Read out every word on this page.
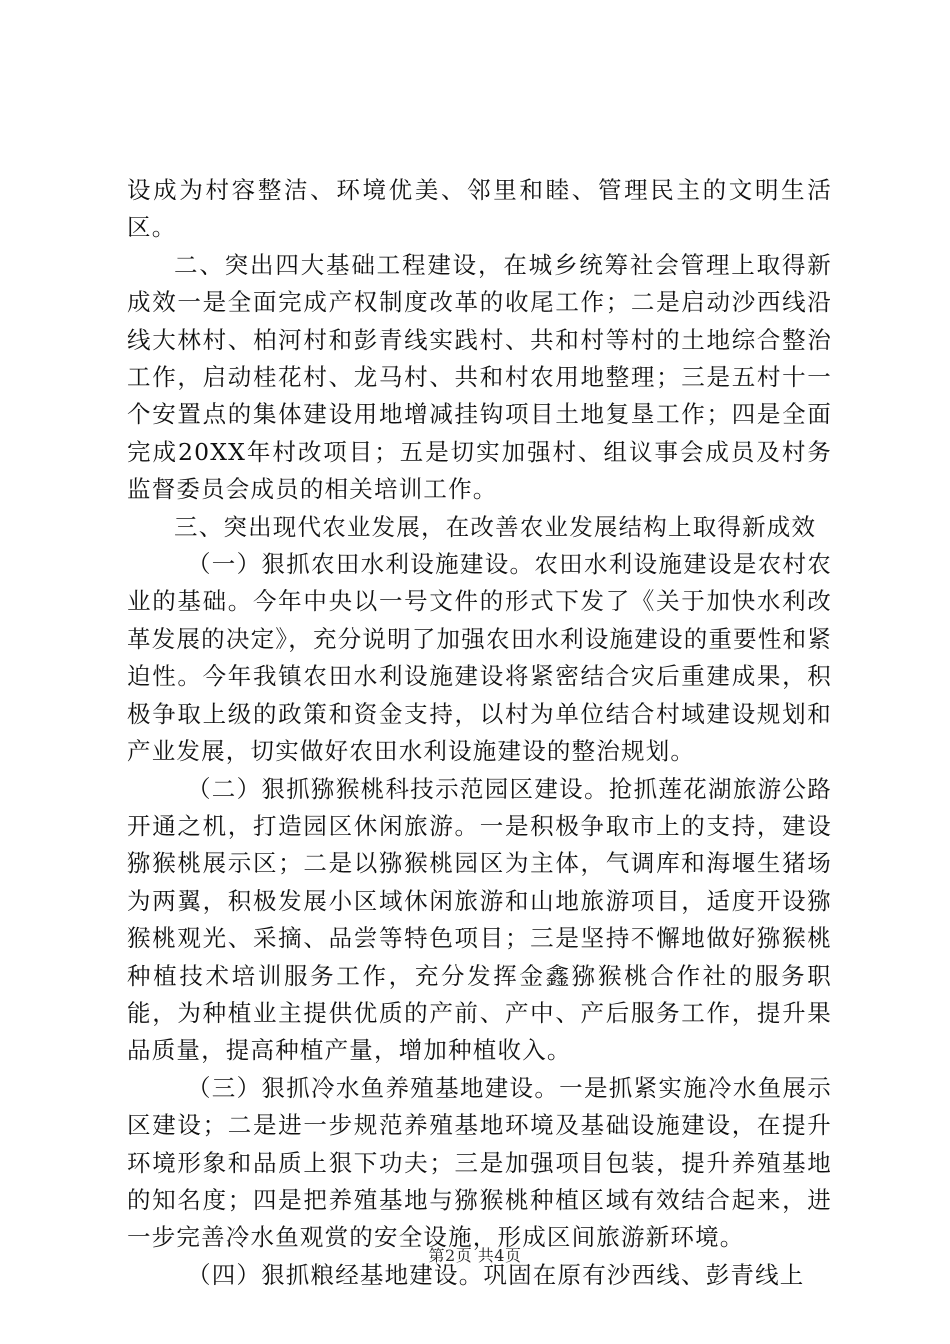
设成为村容整洁、环境优美、邻里和睦、管理民主的文明生活区。

二、突出四大基础工程建设，在城乡统筹社会管理上取得新成效一是全面完成产权制度改革的收尾工作；二是启动沙西线沿线大林村、柏河村和彭青线实践村、共和村等村的土地综合整治工作，启动桂花村、龙马村、共和村农用地整理；三是五村十一个安置点的集体建设用地增减挂钩项目土地复垦工作；四是全面完成20XX年村改项目；五是切实加强村、组议事会成员及村务监督委员会成员的相关培训工作。

三、突出现代农业发展，在改善农业发展结构上取得新成效

（一）狠抓农田水利设施建设。农田水利设施建设是农村农业的基础。今年中央以一号文件的形式下发了《关于加快水利改革发展的决定》，充分说明了加强农田水利设施建设的重要性和紧迫性。今年我镇农田水利设施建设将紧密结合灾后重建成果，积极争取上级的政策和资金支持，以村为单位结合村域建设规划和产业发展，切实做好农田水利设施建设的整治规划。

（二）狠抓猕猴桃科技示范园区建设。抢抓莲花湖旅游公路开通之机，打造园区休闲旅游。一是积极争取市上的支持，建设猕猴桃展示区；二是以猕猴桃园区为主体，气调库和海堰生猪场为两翼，积极发展小区域休闲旅游和山地旅游项目，适度开设猕猴桃观光、采摘、品尝等特色项目；三是坚持不懈地做好猕猴桃种植技术培训服务工作，充分发挥金鑫猕猴桃合作社的服务职能，为种植业主提供优质的产前、产中、产后服务工作，提升果品质量，提高种植产量，增加种植收入。

（三）狠抓冷水鱼养殖基地建设。一是抓紧实施冷水鱼展示区建设；二是进一步规范养殖基地环境及基础设施建设，在提升环境形象和品质上狠下功夫；三是加强项目包装，提升养殖基地的知名度；四是把养殖基地与猕猴桃种植区域有效结合起来，进一步完善冷水鱼观赏的安全设施，形成区间旅游新环境。

（四）狠抓粮经基地建设。巩固在原有沙西线、彭青线上

第2页 共4页
